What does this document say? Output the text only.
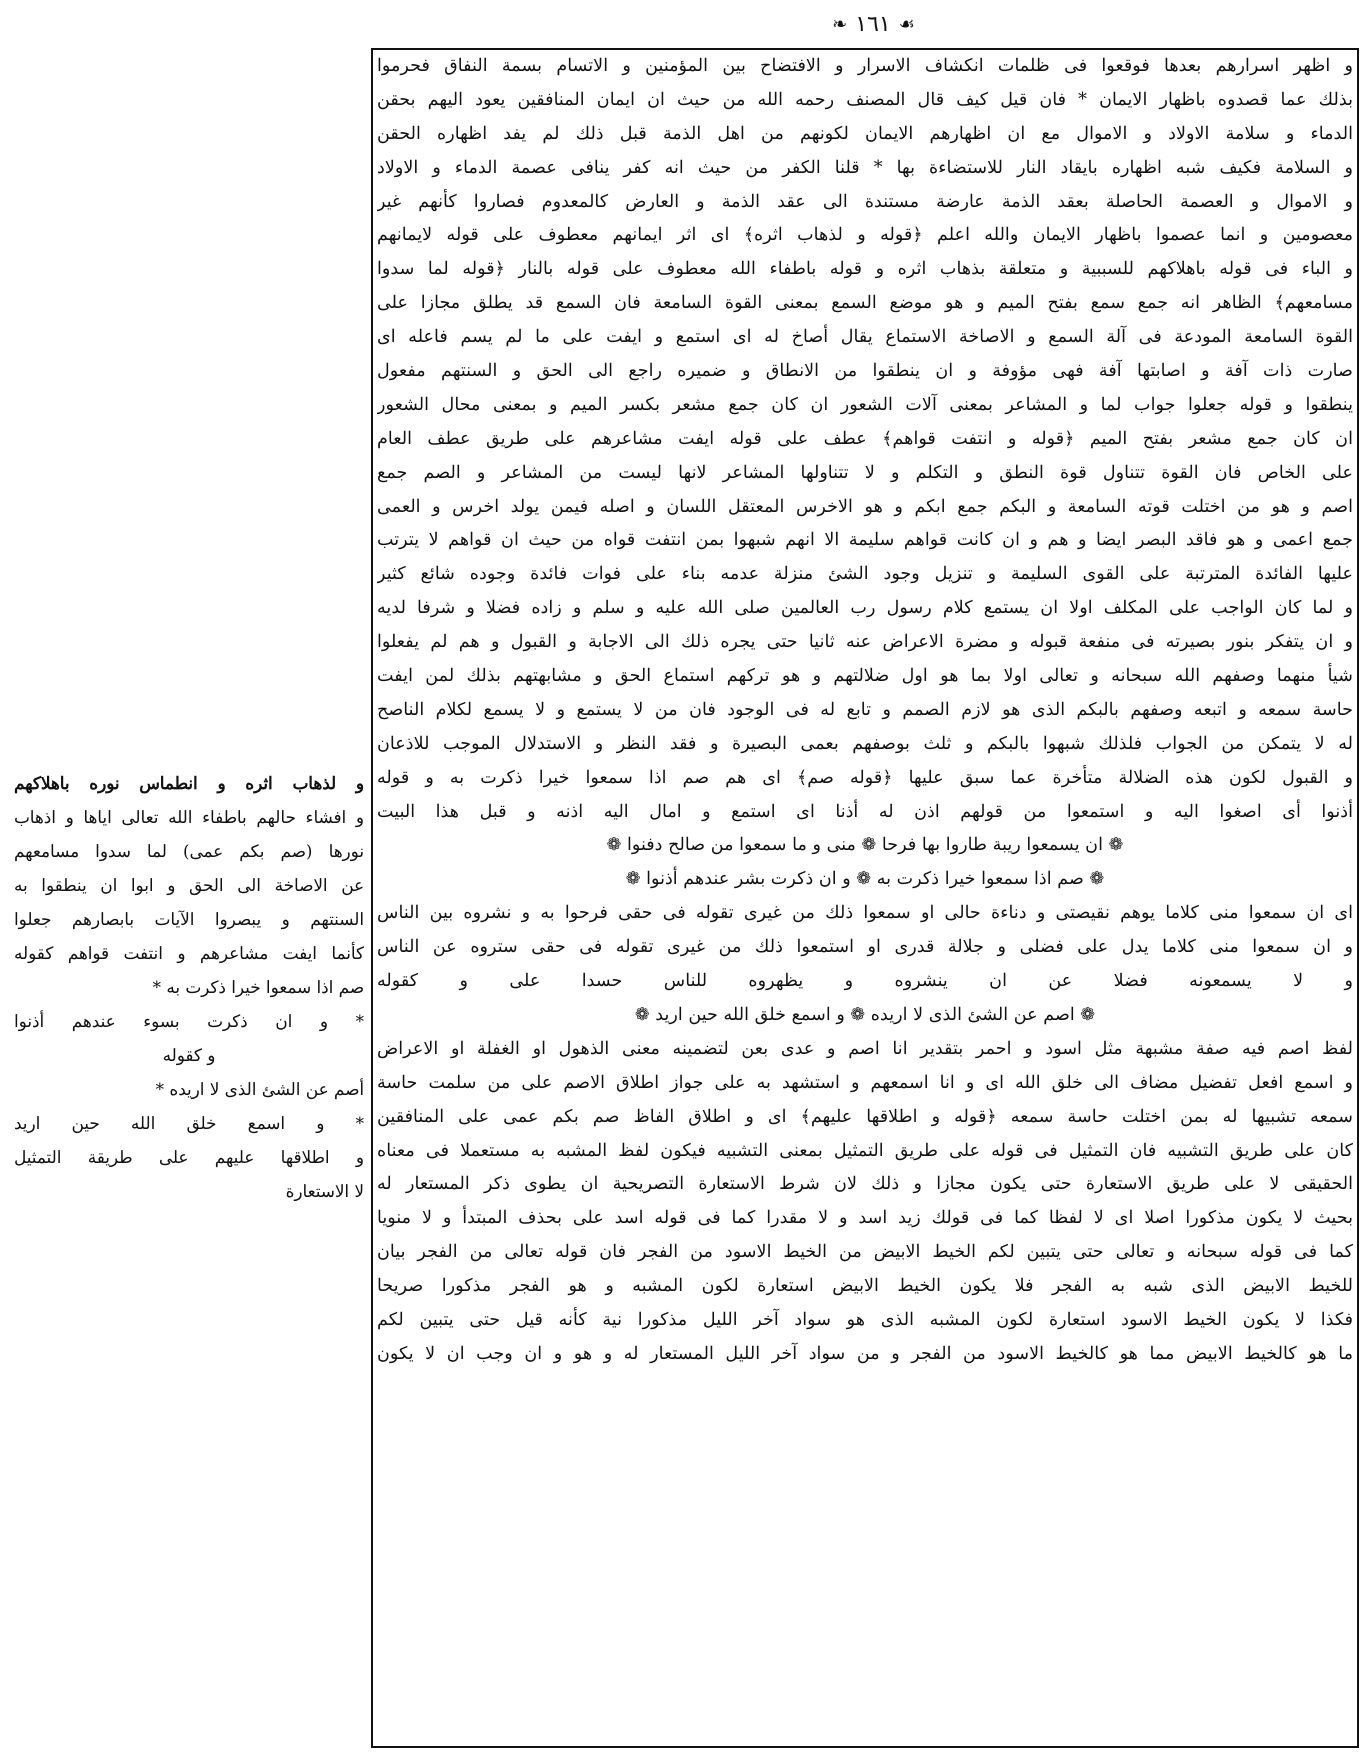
☙
١٦١
❧
و اظهر اسرارهم بعدها فوقعوا فى ظلمات انكشاف الاسرار و الافتضاح بين المؤمنين و الاتسام بسمة النفاق فحرموا
بذلك عما قصدوه باظهار الايمان * فان قيل كيف قال المصنف رحمه الله من حيث ان ايمان المنافقين يعود اليهم بحقن
الدماء و سلامة الاولاد و الاموال مع ان اظهارهم الايمان لكونهم من اهل الذمة قبل ذلك لم يفد اظهاره الحقن
و السلامة فكيف شبه اظهاره بايقاد النار للاستضاءة بها * قلنا الكفر من حيث انه كفر ينافى عصمة الدماء و الاولاد
و الاموال و العصمة الحاصلة بعقد الذمة عارضة مستندة الى عقد الذمة و العارض كالمعدوم فصاروا كأنهم غير
معصومين و انما عصموا باظهار الايمان والله اعلم ﴿قوله و لذهاب اثره﴾ اى اثر ايمانهم معطوف على قوله لايمانهم
و الباء فى قوله باهلاكهم للسببية و متعلقة بذهاب اثره و قوله باطفاء الله معطوف على قوله بالنار ﴿قوله لما سدوا
مسامعهم﴾ الظاهر انه جمع سمع بفتح الميم و هو موضع السمع بمعنى القوة السامعة فان السمع قد يطلق مجازا على
القوة السامعة المودعة فى آلة السمع و الاصاخة الاستماع يقال أصاخ له اى استمع و ايفت على ما لم يسم فاعله اى
صارت ذات آفة و اصابتها آفة فهى مؤوفة و ان ينطقوا من الانطاق و ضميره راجع الى الحق و السنتهم مفعول
ينطقوا و قوله جعلوا جواب لما و المشاعر بمعنى آلات الشعور ان كان جمع مشعر بكسر الميم و بمعنى محال الشعور
ان كان جمع مشعر بفتح الميم ﴿قوله و انتفت قواهم﴾ عطف على قوله ايفت مشاعرهم على طريق عطف العام
على الخاص فان القوة تتناول قوة النطق و التكلم و لا تتناولها المشاعر لانها ليست من المشاعر و الصم جمع
اصم و هو من اختلت قوته السامعة و البكم جمع ابكم و هو الاخرس المعتقل اللسان و اصله فيمن يولد اخرس و العمى
جمع اعمى و هو فاقد البصر ايضا و هم و ان كانت قواهم سليمة الا انهم شبهوا بمن انتفت قواه من حيث ان قواهم لا يترتب
عليها الفائدة المترتبة على القوى السليمة و تنزيل وجود الشئ منزلة عدمه بناء على فوات فائدة وجوده شائع كثير
و لما كان الواجب على المكلف اولا ان يستمع كلام رسول رب العالمين صلى الله عليه و سلم و زاده فضلا و شرفا لديه
و ان يتفكر بنور بصيرته فى منفعة قبوله و مضرة الاعراض عنه ثانيا حتى يجره ذلك الى الاجابة و القبول و هم لم يفعلوا
شيأ منهما وصفهم الله سبحانه و تعالى اولا بما هو اول ضلالتهم و هو تركهم استماع الحق و مشابهتهم بذلك لمن ايفت
حاسة سمعه و اتبعه وصفهم بالبكم الذى هو لازم الصمم و تابع له فى الوجود فان من لا يستمع و لا يسمع لكلام الناصح
له لا يتمكن من الجواب فلذلك شبهوا بالبكم و ثلث بوصفهم بعمى البصيرة و فقد النظر و الاستدلال الموجب للاذعان
و القبول لكون هذه الضلالة متأخرة عما سبق عليها ﴿قوله صم﴾ اى هم صم اذا سمعوا خيرا ذكرت به و قوله
أذنوا أى اصغوا اليه و استمعوا من قولهم اذن له أذنا اى استمع و امال اليه اذنه و قبل هذا البيت
❁ ان يسمعوا ريبة طاروا بها فرحا ❁ منى و ما سمعوا من صالح دفنوا ❁
❁ صم اذا سمعوا خيرا ذكرت به ❁ و ان ذكرت بشر عندهم أذنوا ❁
اى ان سمعوا منى كلاما يوهم نقيصتى و دناءة حالى او سمعوا ذلك من غيرى تقوله فى حقى فرحوا به و نشروه بين الناس
و ان سمعوا منى كلاما يدل على فضلى و جلالة قدرى او استمعوا ذلك من غيرى تقوله فى حقى ستروه عن الناس
و لا يسمعونه فضلا عن ان ينشروه و يظهروه للناس حسدا على و كقوله
❁ اصم عن الشئ الذى لا اريده ❁ و اسمع خلق الله حين اريد ❁
لفظ اصم فيه صفة مشبهة مثل اسود و احمر بتقدير انا اصم و عدى بعن لتضمينه معنى الذهول او الغفلة او الاعراض
و اسمع افعل تفضيل مضاف الى خلق الله اى و انا اسمعهم و استشهد به على جواز اطلاق الاصم على من سلمت حاسة
سمعه تشبيها له بمن اختلت حاسة سمعه ﴿قوله و اطلاقها عليهم﴾ اى و اطلاق الفاظ صم بكم عمى على المنافقين
كان على طريق التشبيه فان التمثيل فى قوله على طريق التمثيل بمعنى التشبيه فيكون لفظ المشبه به مستعملا فى معناه
الحقيقى لا على طريق الاستعارة حتى يكون مجازا و ذلك لان شرط الاستعارة التصريحية ان يطوى ذكر المستعار له
بحيث لا يكون مذكورا اصلا اى لا لفظا كما فى قولك زيد اسد و لا مقدرا كما فى قوله اسد على بحذف المبتدأ و لا منويا
كما فى قوله سبحانه و تعالى حتى يتبين لكم الخيط الابيض من الخيط الاسود من الفجر فان قوله تعالى من الفجر بيان
للخيط الابيض الذى شبه به الفجر فلا يكون الخيط الابيض استعارة لكون المشبه و هو الفجر مذكورا صريحا
فكذا لا يكون الخيط الاسود استعارة لكون المشبه الذى هو سواد آخر الليل مذكورا نية كأنه قيل حتى يتبين لكم
ما هو كالخيط الابيض مما هو كالخيط الاسود من الفجر و من سواد آخر الليل المستعار له و هو و ان وجب ان لا يكون
و لذهاب اثره و انطماس نوره باهلاكهم
و افشاء حالهم باطفاء الله تعالى اياها و اذهاب
نورها (صم بكم عمى) لما سدوا مسامعهم
عن الاصاخة الى الحق و ابوا ان ينطقوا به
السنتهم و يبصروا الآيات بابصارهم جعلوا
كأنما ايفت مشاعرهم و انتفت قواهم كقوله
صم اذا سمعوا خيرا ذكرت به *
* و ان ذكرت بسوء عندهم أذنوا
و كقوله
أصم عن الشئ الذى لا اريده *
* و اسمع خلق الله حين اريد
و اطلاقها عليهم على طريقة التمثيل
لا الاستعارة
